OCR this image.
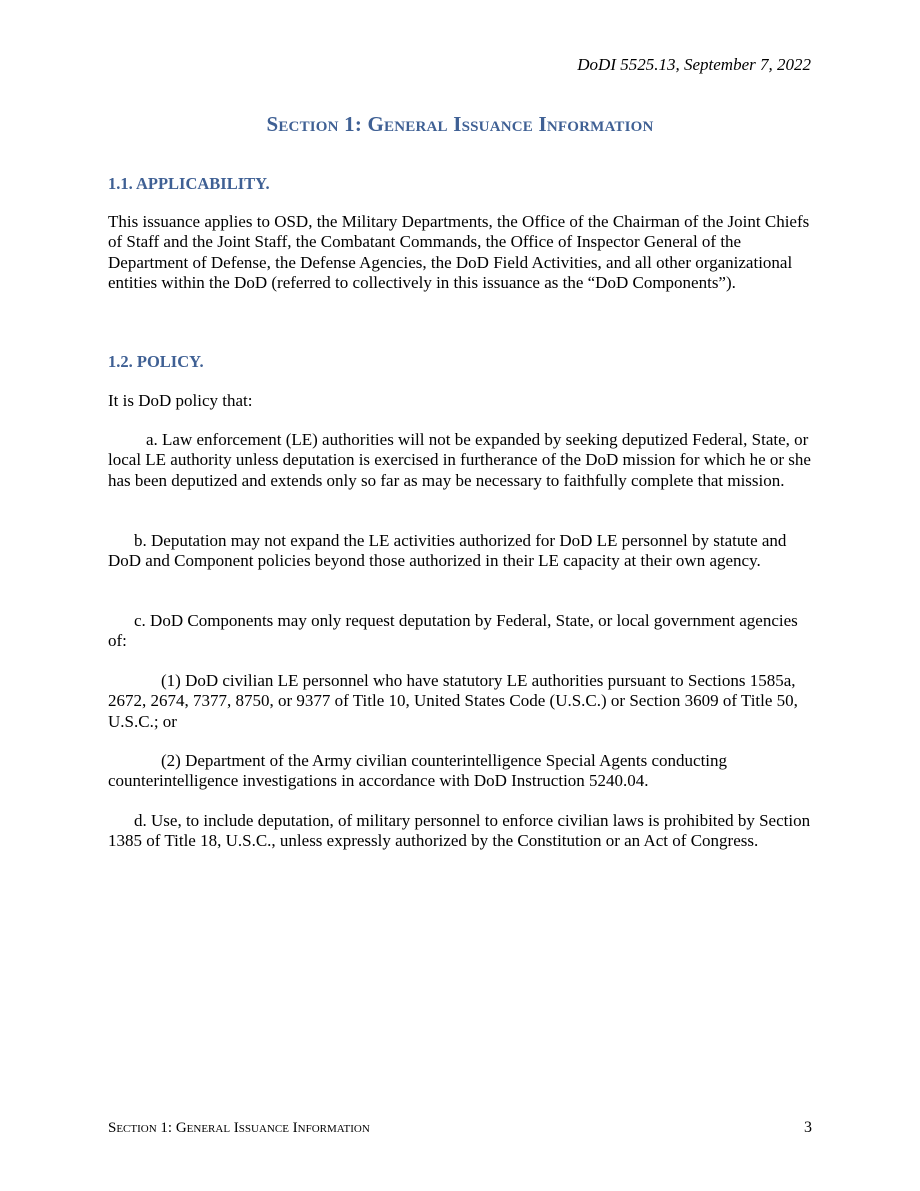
DoDI 5525.13, September 7, 2022
Section 1: General Issuance Information
1.1. APPLICABILITY.
This issuance applies to OSD, the Military Departments, the Office of the Chairman of the Joint Chiefs of Staff and the Joint Staff, the Combatant Commands, the Office of Inspector General of the Department of Defense, the Defense Agencies, the DoD Field Activities, and all other organizational entities within the DoD (referred to collectively in this issuance as the “DoD Components”).
1.2. POLICY.
It is DoD policy that:
a. Law enforcement (LE) authorities will not be expanded by seeking deputized Federal, State, or local LE authority unless deputation is exercised in furtherance of the DoD mission for which he or she has been deputized and extends only so far as may be necessary to faithfully complete that mission.
b. Deputation may not expand the LE activities authorized for DoD LE personnel by statute and DoD and Component policies beyond those authorized in their LE capacity at their own agency.
c. DoD Components may only request deputation by Federal, State, or local government agencies of:
(1) DoD civilian LE personnel who have statutory LE authorities pursuant to Sections 1585a, 2672, 2674, 7377, 8750, or 9377 of Title 10, United States Code (U.S.C.) or Section 3609 of Title 50, U.S.C.; or
(2) Department of the Army civilian counterintelligence Special Agents conducting counterintelligence investigations in accordance with DoD Instruction 5240.04.
d. Use, to include deputation, of military personnel to enforce civilian laws is prohibited by Section 1385 of Title 18, U.S.C., unless expressly authorized by the Constitution or an Act of Congress.
Section 1: General Issuance Information	3
